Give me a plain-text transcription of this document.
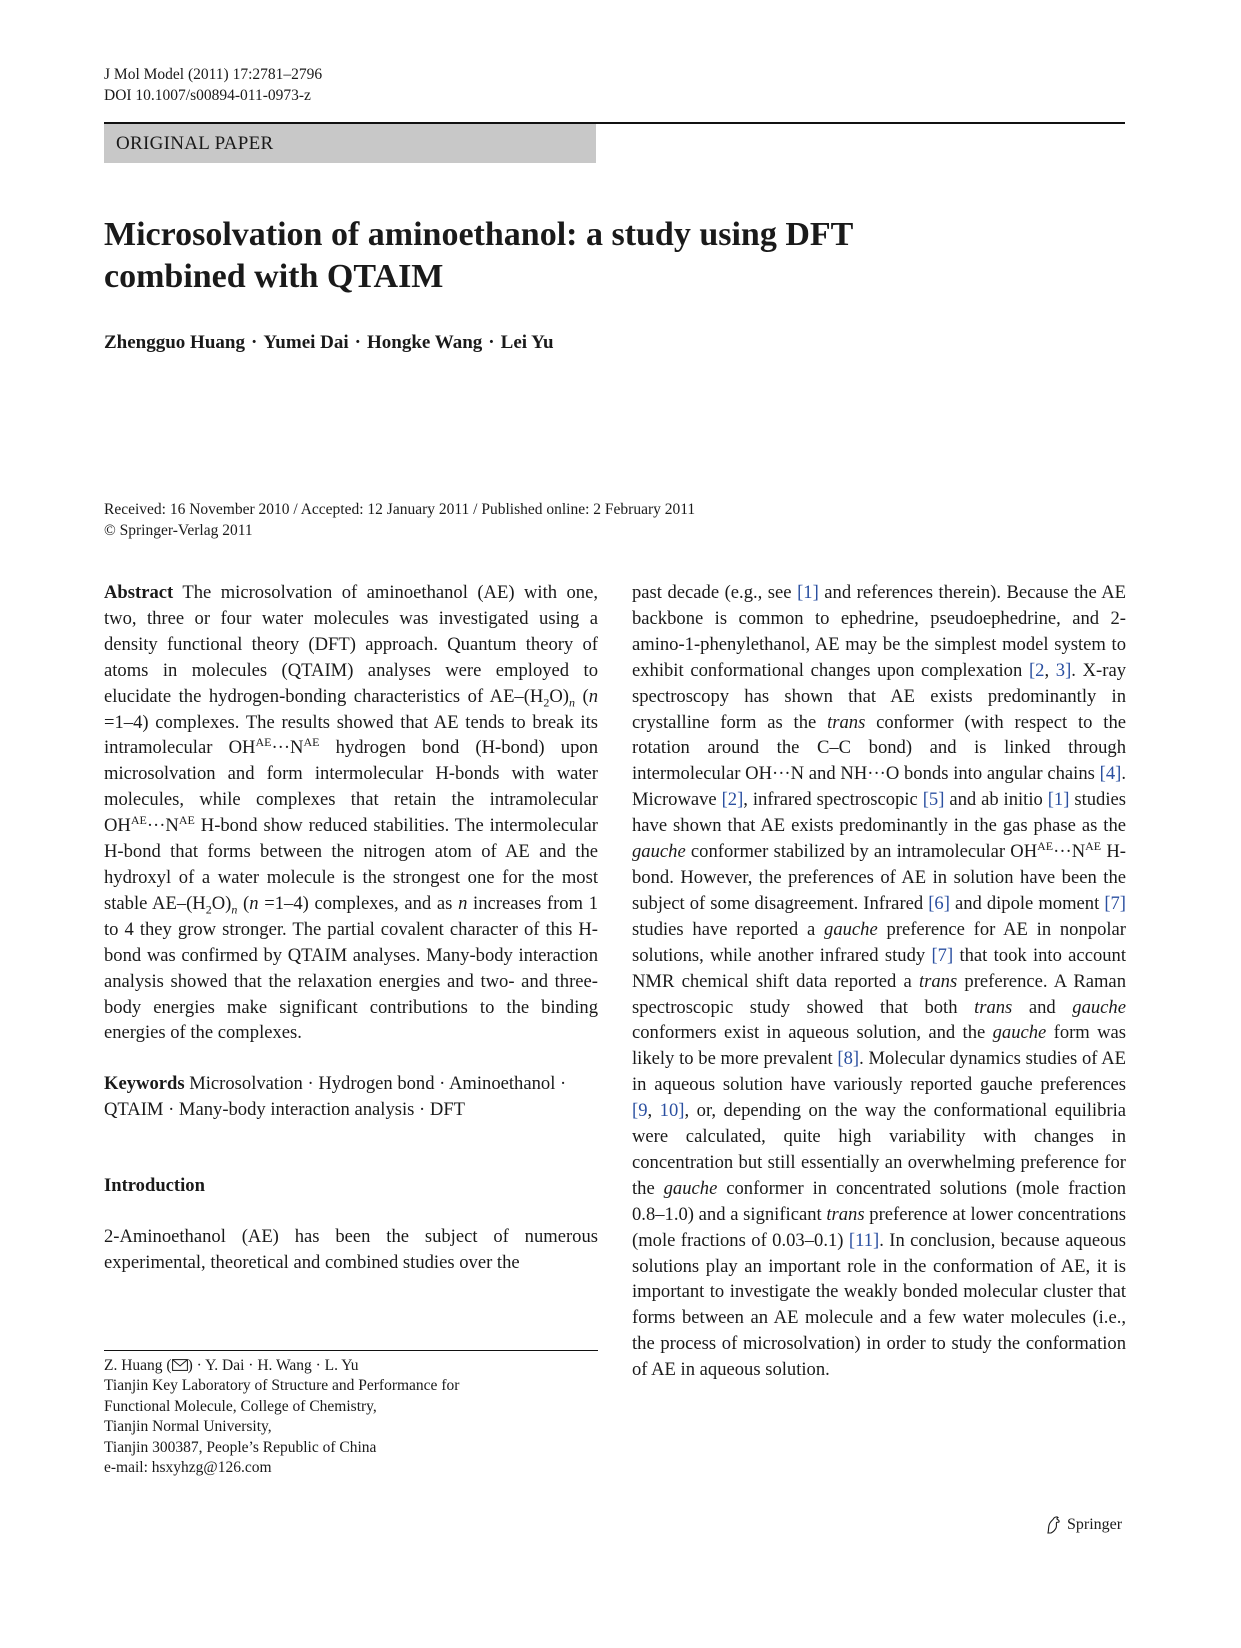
J Mol Model (2011) 17:2781–2796
DOI 10.1007/s00894-011-0973-z
ORIGINAL PAPER
Microsolvation of aminoethanol: a study using DFT
combined with QTAIM
Zhengguo Huang · Yumei Dai · Hongke Wang · Lei Yu
Received: 16 November 2010 / Accepted: 12 January 2011 / Published online: 2 February 2011
© Springer-Verlag 2011

Abstract The microsolvation of aminoethanol (AE) with one, two, three or four water molecules was investigated using a density functional theory (DFT) approach. Quantum theory of atoms in molecules (QTAIM) analyses were employed to elucidate the hydrogen-bonding characteristics of $AE-(H_2O)_n$ (n =1–4) complexes. The results showed that AE tends to break its intramolecular $OH^{AE}\cdot\cdot\cdot N^{AE}$ hydrogen bond (H-bond) upon microsolvation and form intermolecular H-bonds with water molecules, while complexes that retain the intramolecular $OH^{AE}\cdot\cdot\cdot N^{AE}$ H-bond show reduced stabilities. The intermolecular H-bond that forms between the nitrogen atom of AE and the hydroxyl of a water molecule is the strongest one for the most stable $AE-(H_2O)_n$ (n =1–4) complexes, and as n increases from 1 to 4 they grow stronger. The partial covalent character of this H-bond was confirmed by QTAIM analyses. Many-body interaction analysis showed that the relaxation energies and two- and three-body energies make significant contributions to the binding energies of the complexes.

Keywords Microsolvation · Hydrogen bond · Aminoethanol · QTAIM · Many-body interaction analysis · DFT

Introduction

2-Aminoethanol (AE) has been the subject of numerous experimental, theoretical and combined studies over the

Z. Huang ( ) · Y. Dai · H. Wang · L. Yu
Tianjin Key Laboratory of Structure and Performance for
Functional Molecule, College of Chemistry,
Tianjin Normal University,
Tianjin 300387, People’s Republic of China
e-mail: hsxyhzg@126.com

past decade (e.g., see [1] and references therein). Because the AE backbone is common to ephedrine, pseudoephedrine, and 2-amino-1-phenylethanol, AE may be the simplest model system to exhibit conformational changes upon complexation [2, 3]. X-ray spectroscopy has shown that AE exists predominantly in crystalline form as the trans conformer (with respect to the rotation around the C–C bond) and is linked through intermolecular OH···N and NH···O bonds into angular chains [4]. Microwave [2], infrared spectroscopic [5] and ab initio [1] studies have shown that AE exists predominantly in the gas phase as the gauche conformer stabilized by an intramolecular $OH^{AE}\cdot\cdot\cdot N^{AE}$ H-bond. However, the preferences of AE in solution have been the subject of some disagreement. Infrared [6] and dipole moment [7] studies have reported a gauche preference for AE in nonpolar solutions, while another infrared study [7] that took into account NMR chemical shift data reported a trans preference. A Raman spectroscopic study showed that both trans and gauche conformers exist in aqueous solution, and the gauche form was likely to be more prevalent [8]. Molecular dynamics studies of AE in aqueous solution have variously reported gauche preferences [9, 10], or, depending on the way the conformational equilibria were calculated, quite high variability with changes in concentration but still essentially an overwhelming preference for the gauche conformer in concentrated solutions (mole fraction 0.8–1.0) and a significant trans preference at lower concentrations (mole fractions of 0.03–0.1) [11]. In conclusion, because aqueous solutions play an important role in the conformation of AE, it is important to investigate the weakly bonded molecular cluster that forms between an AE molecule and a few water molecules (i.e., the process of microsolvation) in order to study the conformation of AE in aqueous solution.

Springer
